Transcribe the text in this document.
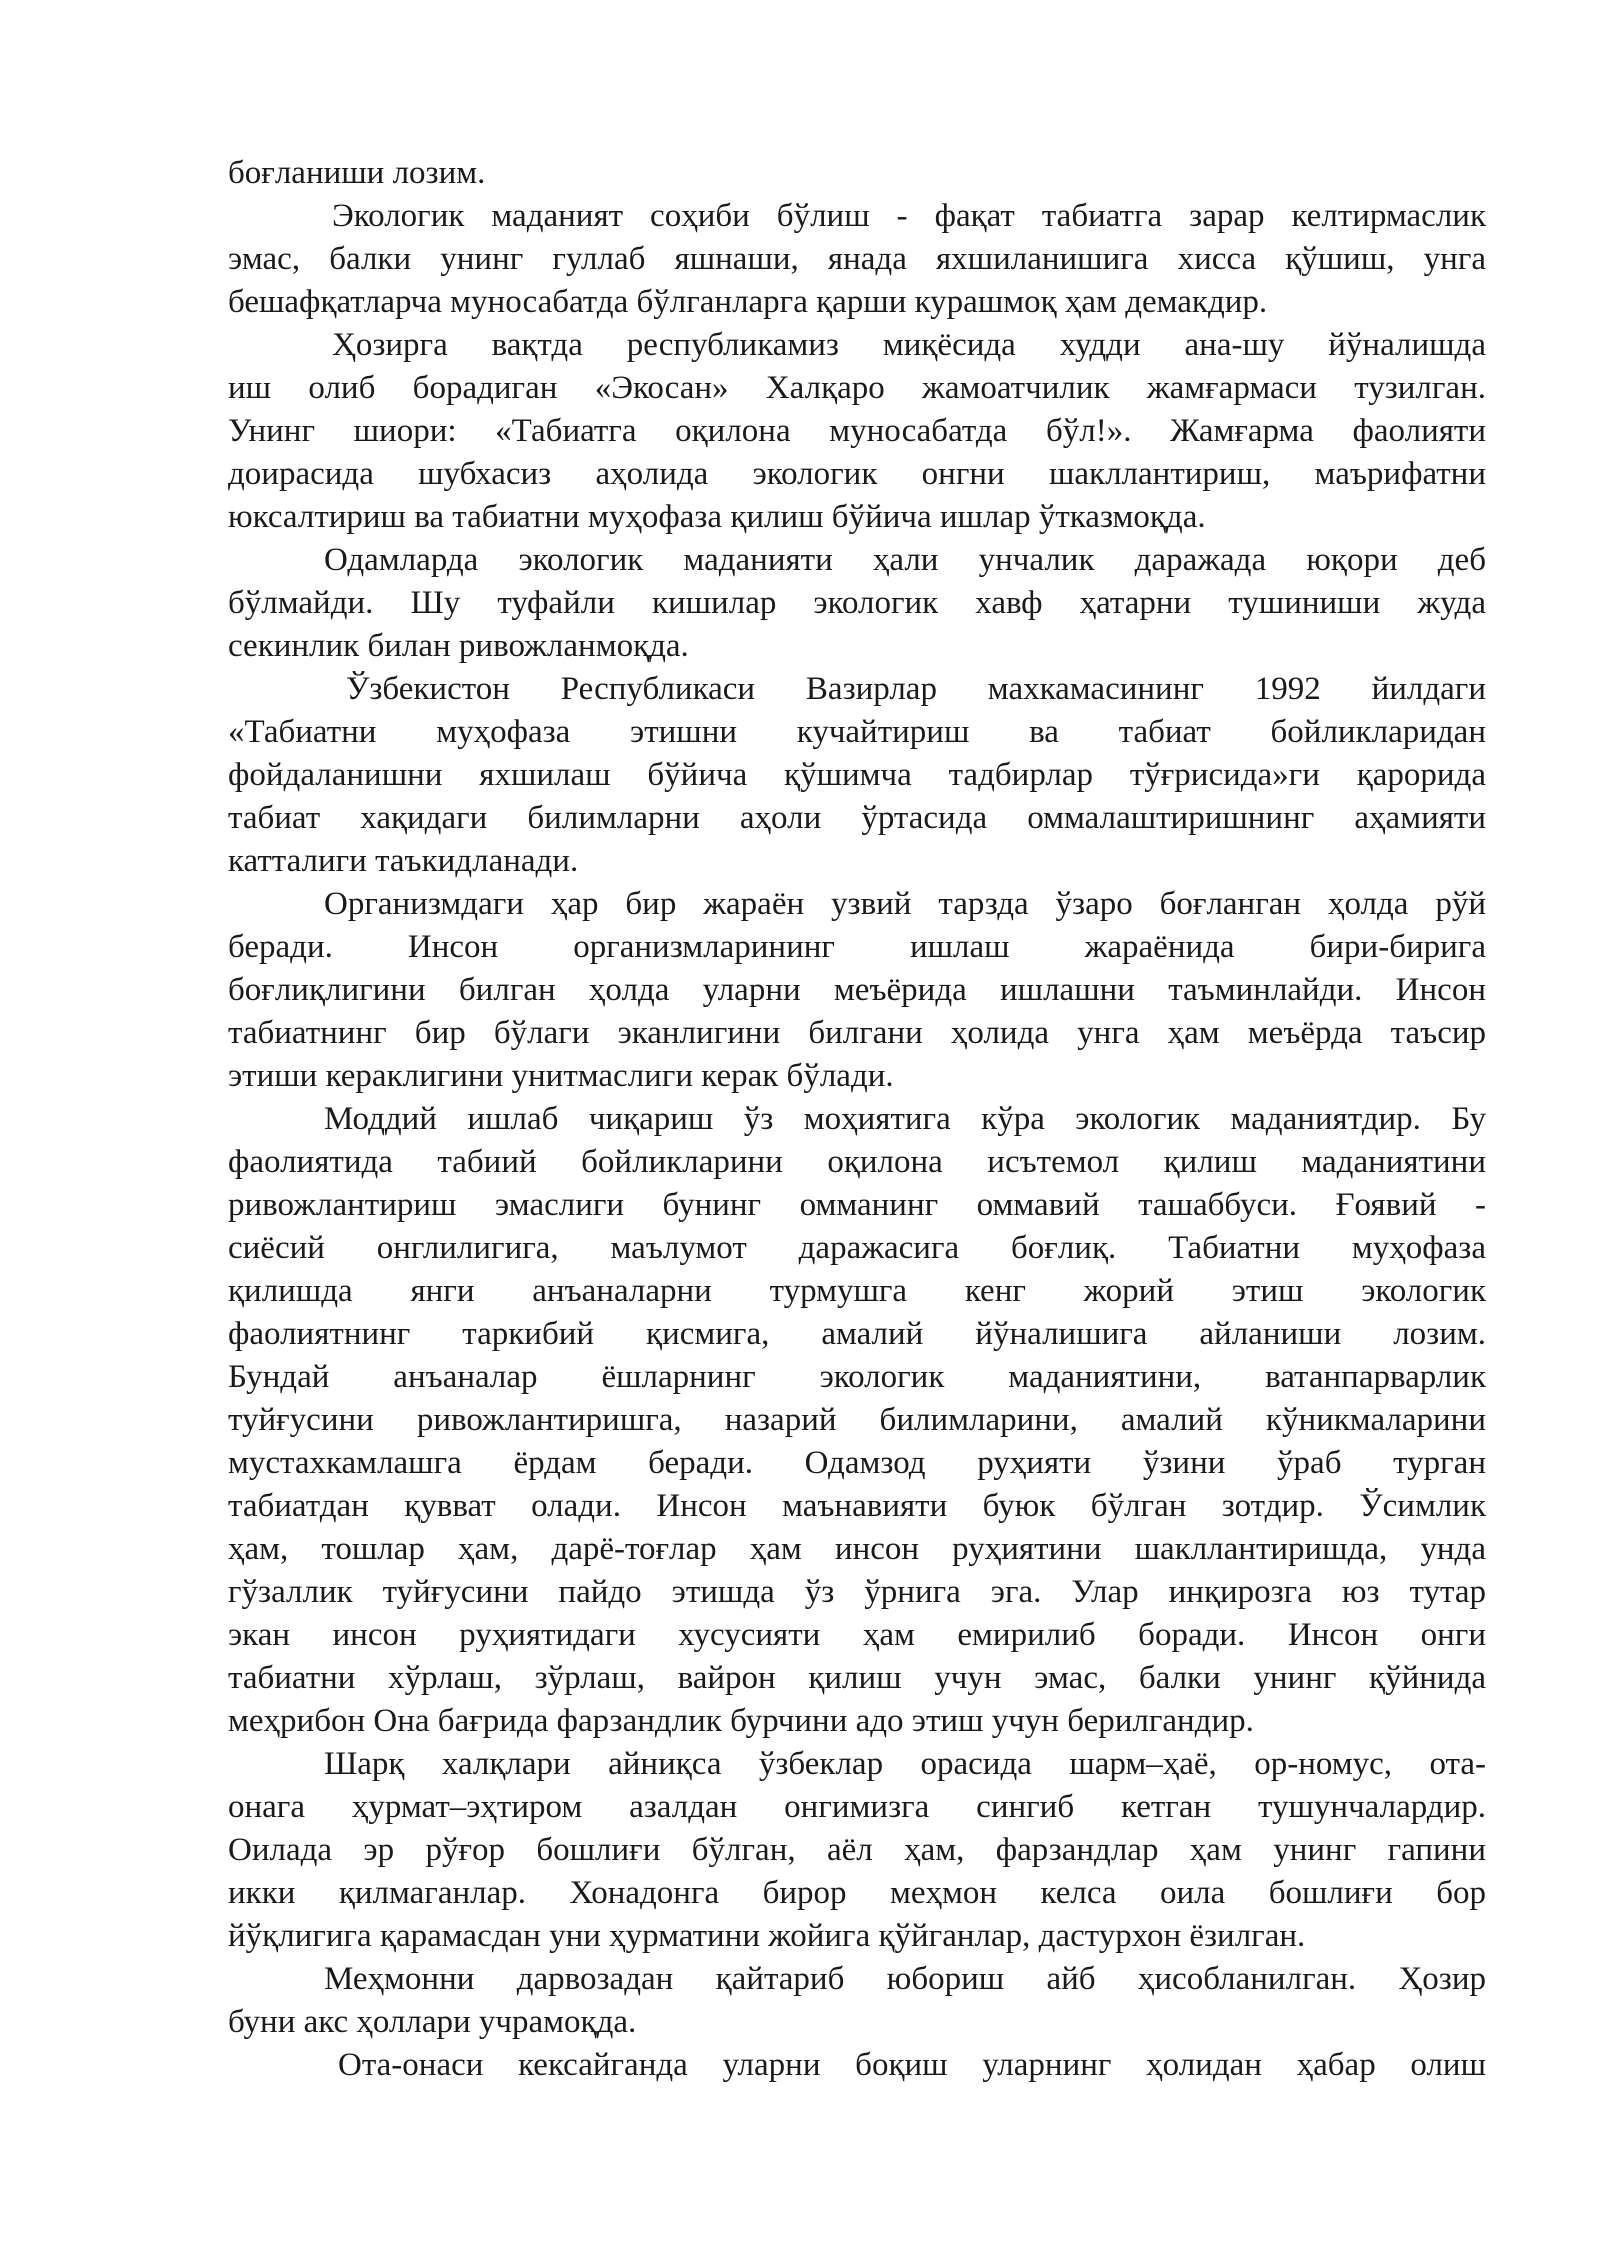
боғланиши лозим.
Экологик маданият соҳиби бўлиш - фақат табиатга зарар келтирмаслик
эмас, балки унинг гуллаб яшнаши, янада яхшиланишига хисса қўшиш, унга
бешафқатларча муносабатда бўлганларга қарши курашмоқ ҳам демакдир.
Ҳозирга вақтда республикамиз миқёсида худди ана-шу йўналишда
иш олиб борадиган «Экосан» Халқаро жамоатчилик жамғармаси тузилган.
Унинг шиори: «Табиатга оқилона муносабатда бўл!». Жамғарма фаолияти
доирасида шубхасиз аҳолида экологик онгни шакллантириш, маърифатни
юксалтириш ва табиатни муҳофаза қилиш бўйича ишлар ўтказмоқда.
Одамларда экологик маданияти ҳали унчалик даражада юқори деб
бўлмайди. Шу туфайли кишилар экологик хавф ҳатарни тушиниши жуда
секинлик билан ривожланмоқда.
Ўзбекистон Республикаси Вазирлар махкамасининг 1992 йилдаги
«Табиатни муҳофаза этишни кучайтириш ва табиат бойликларидан
фойдаланишни яхшилаш бўйича қўшимча тадбирлар тўғрисида»ги қарорида
табиат хақидаги билимларни аҳоли ўртасида оммалаштиришнинг аҳамияти
катталиги таъкидланади.
Организмдаги ҳар бир жараён узвий тарзда ўзаро боғланган ҳолда рўй
беради. Инсон организмларининг ишлаш жараёнида бири-бирига
боғлиқлигини билган ҳолда уларни меъёрида ишлашни таъминлайди. Инсон
табиатнинг бир бўлаги эканлигини билгани ҳолида унга ҳам меъёрда таъсир
этиши кераклигини унитмаслиги керак бўлади.
Моддий ишлаб чиқариш ўз моҳиятига кўра экологик маданиятдир. Бу
фаолиятида табиий бойликларини оқилона исътемол қилиш маданиятини
ривожлантириш эмаслиги бунинг омманинг оммавий ташаббуси. Ғоявий -
сиёсий онглилигига, маълумот даражасига боғлиқ. Табиатни муҳофаза
қилишда янги анъаналарни турмушга кенг жорий этиш экологик
фаолиятнинг таркибий қисмига, амалий йўналишига айланиши лозим.
Бундай анъаналар ёшларнинг экологик маданиятини, ватанпарварлик
туйғусини ривожлантиришга, назарий билимларини, амалий кўникмаларини
мустахкамлашга ёрдам беради. Одамзод руҳияти ўзини ўраб турган
табиатдан қувват олади. Инсон маънавияти буюк бўлган зотдир. Ўсимлик
ҳам, тошлар ҳам, дарё-тоғлар ҳам инсон руҳиятини шакллантиришда, унда
гўзаллик туйғусини пайдо этишда ўз ўрнига эга. Улар инқирозга юз тутар
экан инсон руҳиятидаги хусусияти ҳам емирилиб боради. Инсон онги
табиатни хўрлаш, зўрлаш, вайрон қилиш учун эмас, балки унинг қўйнида
меҳрибон Она бағрида фарзандлик бурчини адо этиш учун берилгандир.
Шарқ халқлари айниқса ўзбеклар орасида шарм–ҳаё, ор-номус, ота-
онага ҳурмат–эҳтиром азалдан онгимизга сингиб кетган тушунчалардир.
Оилада эр рўғор бошлиғи бўлган, аёл ҳам, фарзандлар ҳам унинг гапини
икки қилмаганлар. Хонадонга бирор меҳмон келса оила бошлиғи бор
йўқлигига қарамасдан уни ҳурматини жойига қўйганлар, дастурхон ёзилган.
Меҳмонни дарвозадан қайтариб юбориш айб ҳисобланилган. Ҳозир
буни акс ҳоллари учрамоқда.
Ота-онаси кексайганда уларни боқиш уларнинг ҳолидан ҳабар олиш
